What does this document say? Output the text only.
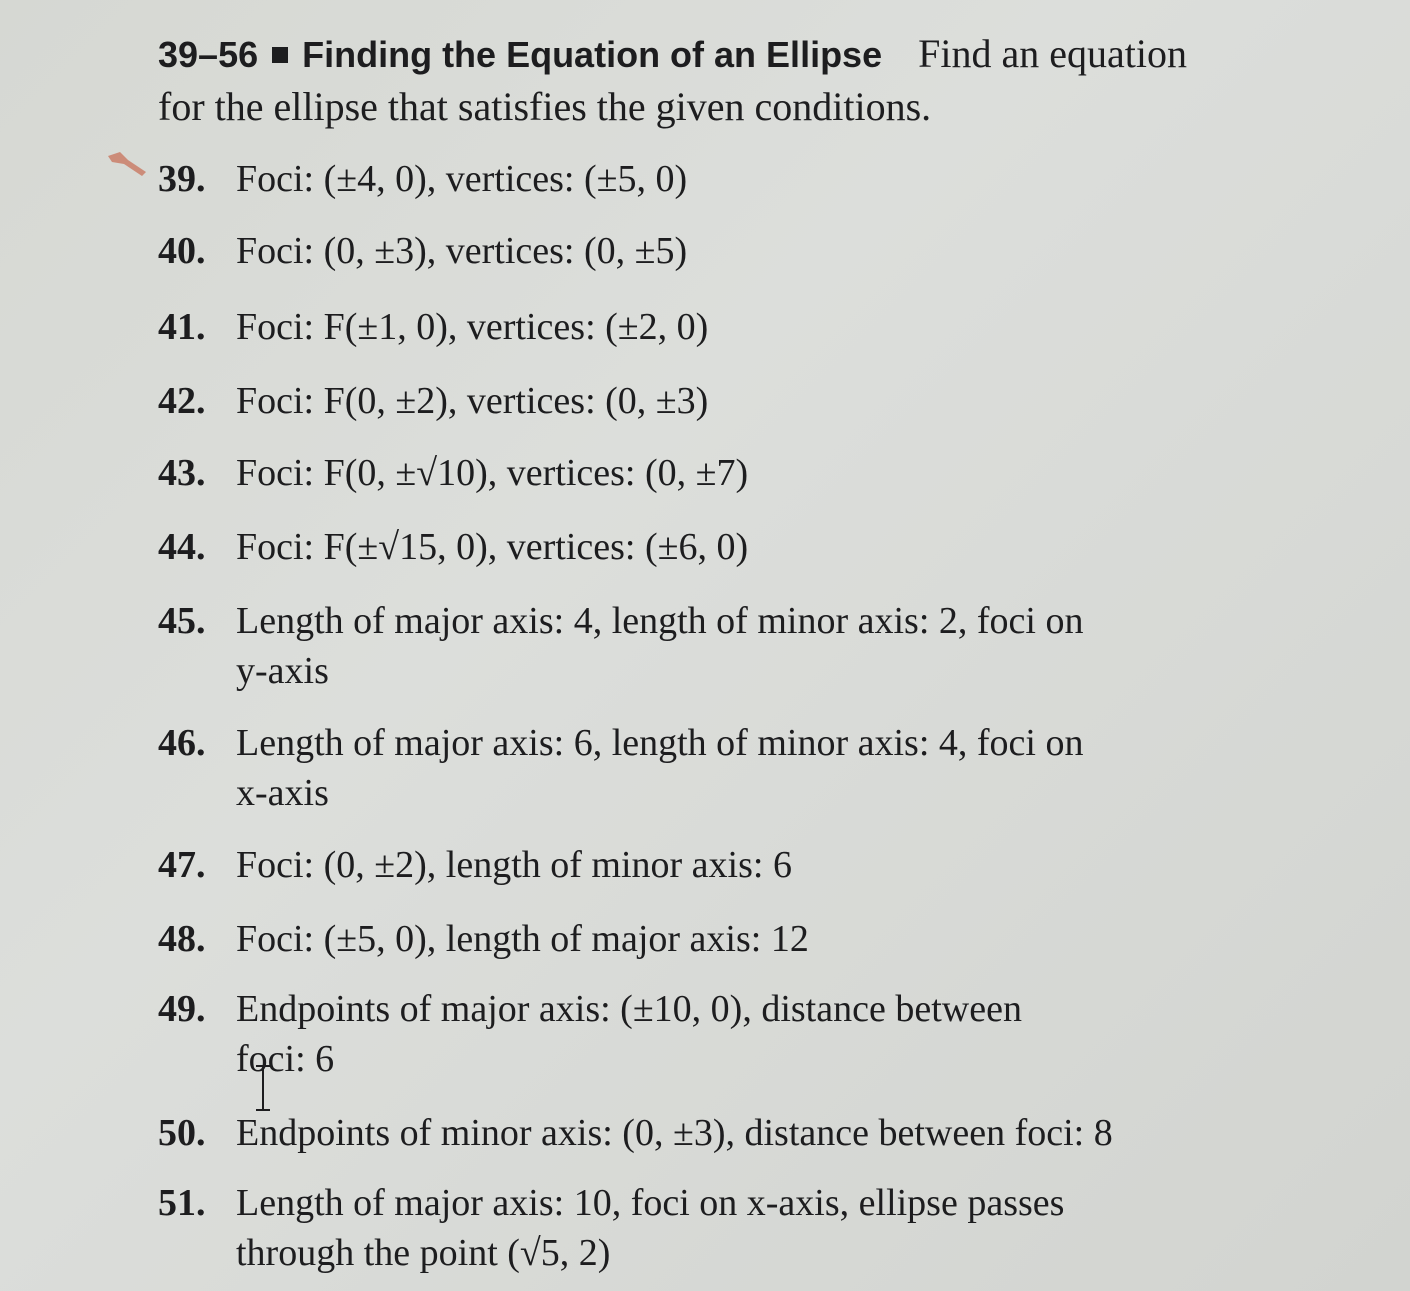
39–56 Finding the Equation of an Ellipse Find an equation
for the ellipse that satisfies the given conditions.
39. Foci: (±4, 0), vertices: (±5, 0)
40. Foci: (0, ±3), vertices: (0, ±5)
41. Foci: F(±1, 0), vertices: (±2, 0)
42. Foci: F(0, ±2), vertices: (0, ±3)
43. Foci: F(0, ±√10), vertices: (0, ±7)
44. Foci: F(±√15, 0), vertices: (±6, 0)
45. Length of major axis: 4, length of minor axis: 2, foci on
y-axis
46. Length of major axis: 6, length of minor axis: 4, foci on
x-axis
47. Foci: (0, ±2), length of minor axis: 6
48. Foci: (±5, 0), length of major axis: 12
49. Endpoints of major axis: (±10, 0), distance between
foci: 6
50. Endpoints of minor axis: (0, ±3), distance between foci: 8
51. Length of major axis: 10, foci on x-axis, ellipse passes
through the point (√5, 2)
